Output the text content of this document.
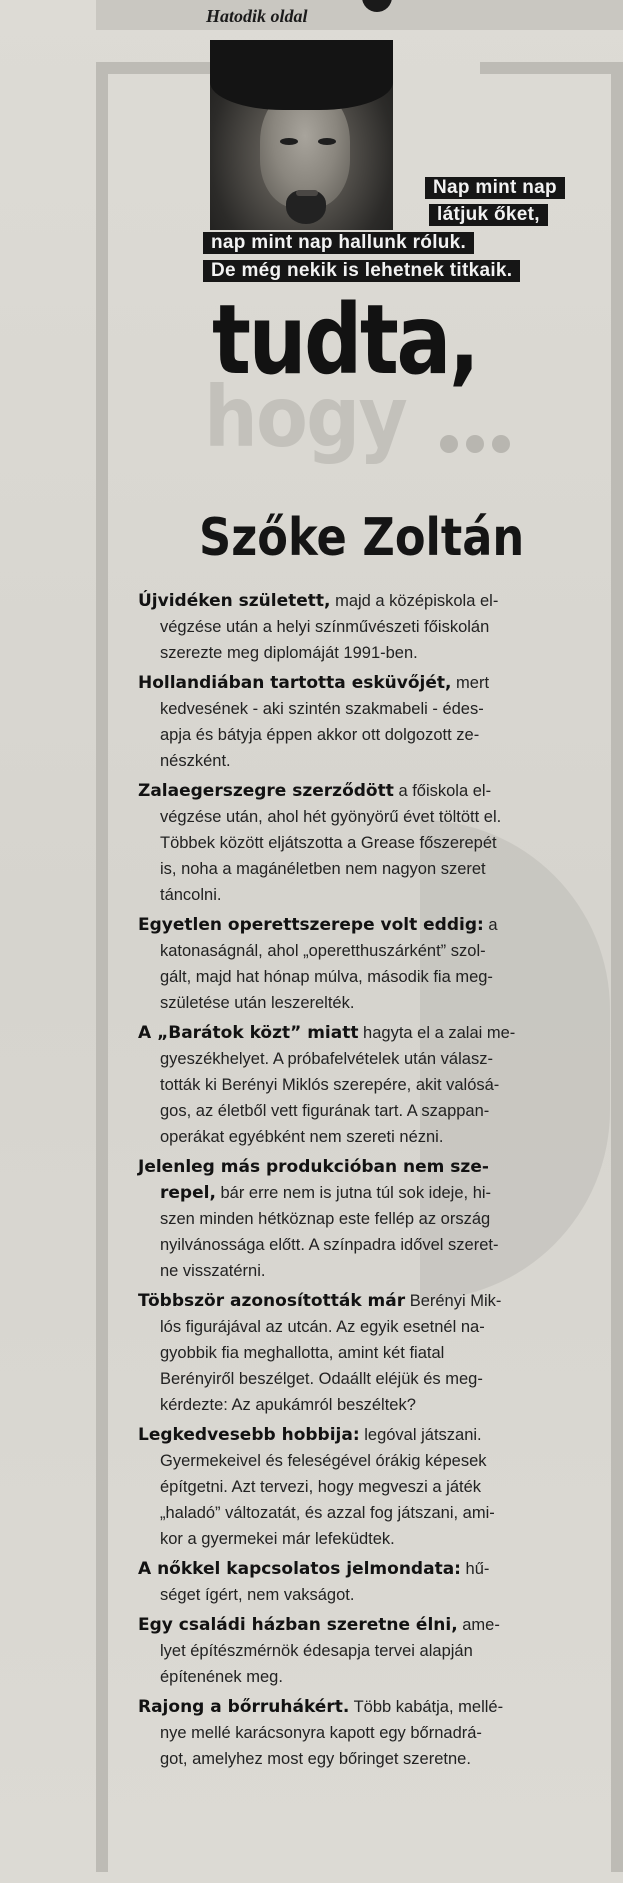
Hatodik oldal
Nap mint nap
látjuk őket,
nap mint nap hallunk róluk.
De még nekik is lehetnek titkaik.
hogy
tudta,
Szőke Zoltán
Újvidéken született, majd a középiskola el-
végzése után a helyi színművészeti főiskolán
szerezte meg diplomáját 1991-ben.
Hollandiában tartotta esküvőjét, mert
kedvesének - aki szintén szakmabeli - édes-
apja és bátyja éppen akkor ott dolgozott ze-
nészként.
Zalaegerszegre szerződött a főiskola el-
végzése után, ahol hét gyönyörű évet töltött el.
Többek között eljátszotta a Grease főszerepét
is, noha a magánéletben nem nagyon szeret
táncolni.
Egyetlen operettszerepe volt eddig: a
katonaságnál, ahol „operetthuszárként” szol-
gált, majd hat hónap múlva, második fia meg-
születése után leszerelték.
A „Barátok közt” miatt hagyta el a zalai me-
gyeszékhelyet. A próbafelvételek után válasz-
tották ki Berényi Miklós szerepére, akit valósá-
gos, az életből vett figurának tart. A szappan-
operákat egyébként nem szereti nézni.
Jelenleg más produkcióban nem sze-
repel, bár erre nem is jutna túl sok ideje, hi-
szen minden hétköznap este fellép az ország
nyilvánossága előtt. A színpadra idővel szeret-
ne visszatérni.
Többször azonosították már Berényi Mik-
lós figurájával az utcán. Az egyik esetnél na-
gyobbik fia meghallotta, amint két fiatal
Berényiről beszélget. Odaállt eléjük és meg-
kérdezte: Az apukámról beszéltek?
Legkedvesebb hobbija: legóval játszani.
Gyermekeivel és feleségével órákig képesek
építgetni. Azt tervezi, hogy megveszi a játék
„haladó” változatát, és azzal fog játszani, ami-
kor a gyermekei már lefeküdtek.
A nőkkel kapcsolatos jelmondata: hű-
séget ígért, nem vakságot.
Egy családi házban szeretne élni, ame-
lyet építészmérnök édesapja tervei alapján
építenének meg.
Rajong a bőrruhákért. Több kabátja, mellé-
nye mellé karácsonyra kapott egy bőrnadrá-
got, amelyhez most egy bőringet szeretne.
